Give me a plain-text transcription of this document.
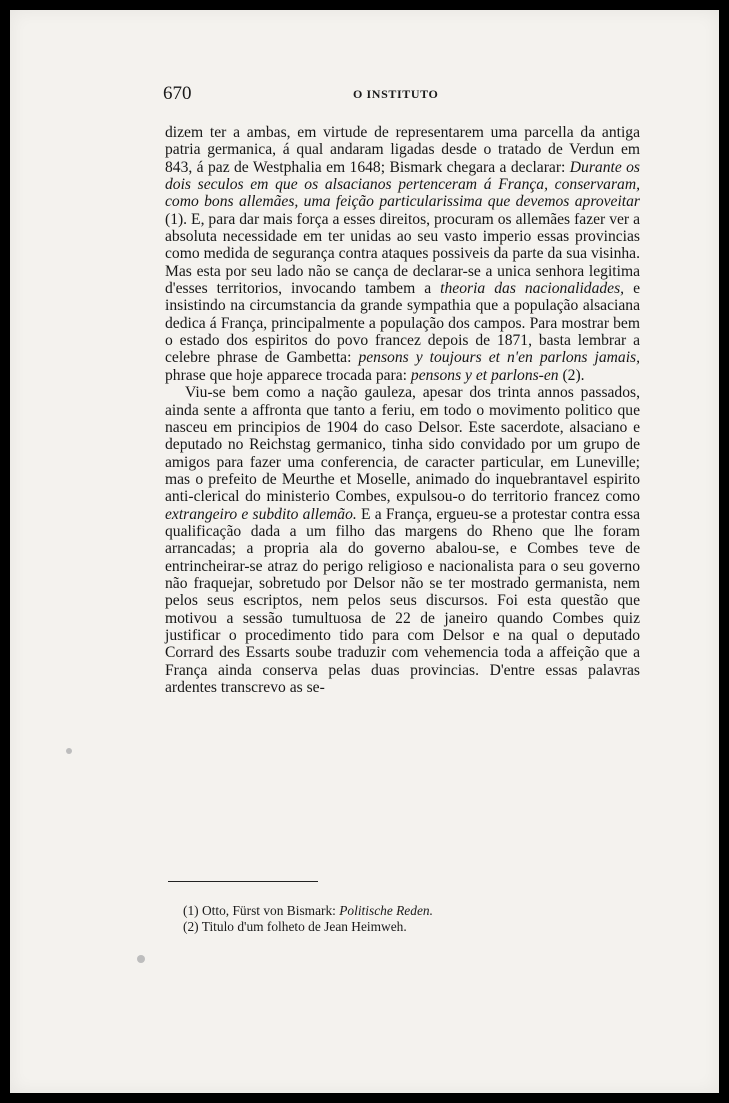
670	O INSTITUTO

dizem ter a ambas, em virtude de representarem uma parcella da antiga patria germanica, á qual andaram ligadas desde o tratado de Verdun em 843, á paz de Westphalia em 1648; Bismark chegara a declarar: Durante os dois seculos em que os alsacianos pertenceram á França, conservaram, como bons allemães, uma feição particularissima que devemos aproveitar (1). E, para dar mais força a esses direitos, procuram os allemães fazer ver a absoluta necessidade em ter unidas ao seu vasto imperio essas provincias como medida de segurança contra ataques possiveis da parte da sua visinha. Mas esta por seu lado não se cança de declarar-se a unica senhora legitima d'esses territorios, invocando tambem a theoria das nacionalidades, e insistindo na circumstancia da grande sympathia que a população alsaciana dedica á França, principalmente a população dos campos. Para mostrar bem o estado dos espiritos do povo francez depois de 1871, basta lembrar a celebre phrase de Gambetta: pensons y toujours et n'en parlons jamais, phrase que hoje apparece trocada para: pensons y et parlons-en (2).

Viu-se bem como a nação gauleza, apesar dos trinta annos passados, ainda sente a affronta que tanto a feriu, em todo o movimento politico que nasceu em principios de 1904 do caso Delsor. Este sacerdote, alsaciano e deputado no Reichstag germanico, tinha sido convidado por um grupo de amigos para fazer uma conferencia, de caracter particular, em Luneville; mas o prefeito de Meurthe et Moselle, animado do inquebrantavel espirito anti-clerical do ministerio Combes, expulsou-o do territorio francez como extrangeiro e subdito allemão. E a França, ergueu-se a protestar contra essa qualificação dada a um filho das margens do Rheno que lhe foram arrancadas; a propria ala do governo abalou-se, e Combes teve de entrincheirar-se atraz do perigo religioso e nacionalista para o seu governo não fraquejar, sobretudo por Delsor não se ter mostrado germanista, nem pelos seus escriptos, nem pelos seus discursos. Foi esta questão que motivou a sessão tumultuosa de 22 de janeiro quando Combes quiz justificar o procedimento tido para com Delsor e na qual o deputado Corrard des Essarts soube traduzir com vehemencia toda a affeição que a França ainda conserva pelas duas provincias. D'entre essas palavras ardentes transcrevo as se-

(1) Otto, Fürst von Bismark: Politische Reden.
(2) Titulo d'um folheto de Jean Heimweh.
